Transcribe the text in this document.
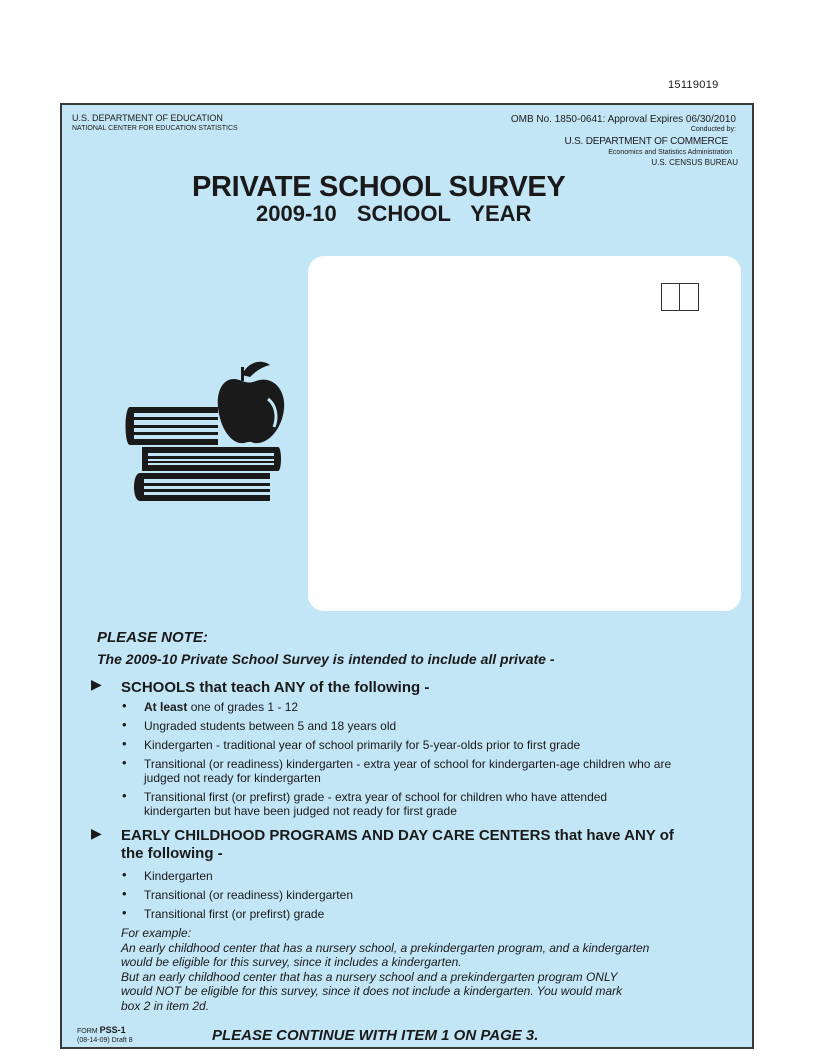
15119019
U.S. DEPARTMENT OF EDUCATION
NATIONAL CENTER FOR EDUCATION STATISTICS
OMB No. 1850-0641: Approval Expires 06/30/2010
Conducted by:
U.S. DEPARTMENT OF COMMERCE
Economics and Statistics Administration
U.S. CENSUS BUREAU
PRIVATE SCHOOL SURVEY
2009-10 SCHOOL YEAR
PLEASE NOTE:
The 2009-10 Private School Survey is intended to include all private -
▶ SCHOOLS that teach ANY of the following -
• At least one of grades 1 - 12
• Ungraded students between 5 and 18 years old
• Kindergarten - traditional year of school primarily for 5-year-olds prior to first grade
• Transitional (or readiness) kindergarten - extra year of school for kindergarten-age children who are judged not ready for kindergarten
• Transitional first (or prefirst) grade - extra year of school for children who have attended kindergarten but have been judged not ready for first grade
▶ EARLY CHILDHOOD PROGRAMS AND DAY CARE CENTERS that have ANY of the following -
• Kindergarten
• Transitional (or readiness) kindergarten
• Transitional first (or prefirst) grade
For example:
An early childhood center that has a nursery school, a prekindergarten program, and a kindergarten
would be eligible for this survey, since it includes a kindergarten.
But an early childhood center that has a nursery school and a prekindergarten program ONLY
would NOT be eligible for this survey, since it does not include a kindergarten. You would mark
box 2 in item 2d.
FORM PSS-1
(08-14-09) Draft 8	PLEASE CONTINUE WITH ITEM 1 ON PAGE 3.
